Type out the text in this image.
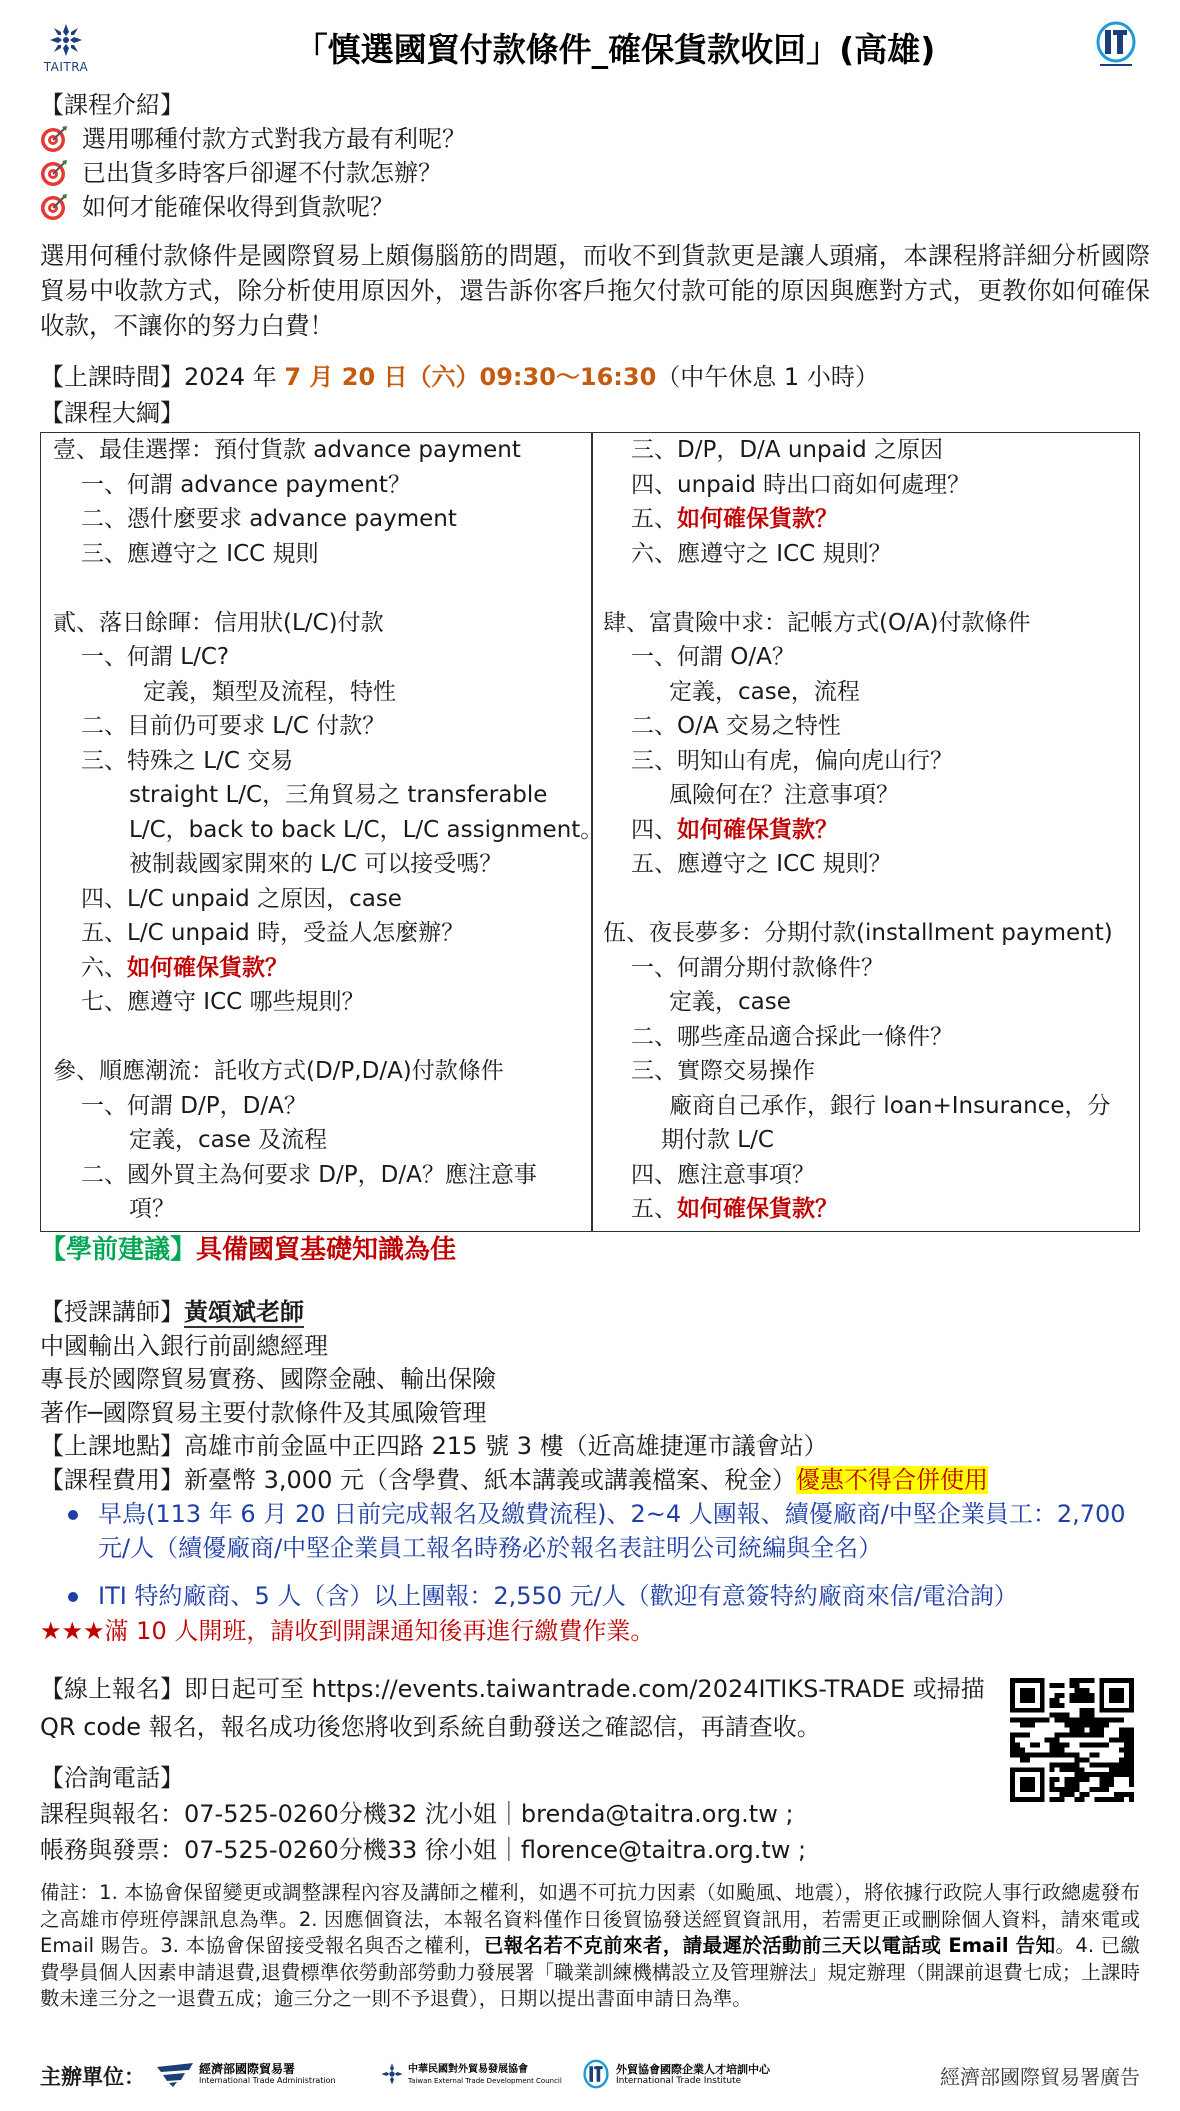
TAITRA	「慎選國貿付款條件_確保貨款收回」(高雄)
【課程介紹】
選用哪種付款方式對我方最有利呢？
已出貨多時客戶卻遲不付款怎辦？
如何才能確保收得到貨款呢？
選用何種付款條件是國際貿易上頗傷腦筋的問題，而收不到貨款更是讓人頭痛，本課程將詳細分析國際貿易中收款方式，除分析使用原因外，還告訴你客戶拖欠付款可能的原因與應對方式，更教你如何確保收款，不讓你的努力白費！
【上課時間】2024 年 7 月 20 日（六）09:30～16:30（中午休息 1 小時）
【課程大綱】
壹、最佳選擇：預付貨款 advance payment
一、何謂 advance payment？
二、憑什麼要求 advance payment
三、應遵守之 ICC 規則
貳、落日餘暉：信用狀(L/C)付款
一、何謂 L/C?
定義，類型及流程，特性
二、目前仍可要求 L/C 付款？
三、特殊之 L/C 交易
straight L/C，三角貿易之 transferable
L/C，back to back L/C，L/C assignment。
被制裁國家開來的 L/C 可以接受嗎？
四、L/C unpaid 之原因，case
五、L/C unpaid 時，受益人怎麼辦？
六、如何確保貨款？
七、應遵守 ICC 哪些規則？
參、順應潮流：託收方式(D/P,D/A)付款條件
一、何謂 D/P，D/A？
定義，case 及流程
二、國外買主為何要求 D/P，D/A？應注意事
項？
三、D/P，D/A unpaid 之原因
四、unpaid 時出口商如何處理？
五、如何確保貨款？
六、應遵守之 ICC 規則？
肆、富貴險中求：記帳方式(O/A)付款條件
一、何謂 O/A？
定義，case，流程
二、O/A 交易之特性
三、明知山有虎，偏向虎山行？
風險何在？注意事項？
四、如何確保貨款？
五、應遵守之 ICC 規則？
伍、夜長夢多：分期付款(installment payment)
一、何謂分期付款條件？
定義，case
二、哪些產品適合採此一條件？
三、實際交易操作
廠商自己承作，銀行 loan+Insurance，分
期付款 L/C
四、應注意事項？
五、如何確保貨款？
【學前建議】具備國貿基礎知識為佳
【授課講師】黃頌斌老師
中國輸出入銀行前副總經理
專長於國際貿易實務、國際金融、輸出保險
著作─國際貿易主要付款條件及其風險管理
【上課地點】高雄市前金區中正四路 215 號 3 樓（近高雄捷運市議會站）
【課程費用】新臺幣 3,000 元（含學費、紙本講義或講義檔案、稅金）優惠不得合併使用
早鳥(113 年 6 月 20 日前完成報名及繳費流程)、2~4 人團報、續優廠商/中堅企業員工：2,700
元/人（續優廠商/中堅企業員工報名時務必於報名表註明公司統編與全名）
ITI 特約廠商、5 人（含）以上團報：2,550 元/人（歡迎有意簽特約廠商來信/電洽詢）
★★★滿 10 人開班，請收到開課通知後再進行繳費作業。
【線上報名】即日起可至 https://events.taiwantrade.com/2024ITIKS-TRADE 或掃描
QR code 報名，報名成功後您將收到系統自動發送之確認信，再請查收。
【洽詢電話】
課程與報名：07-525-0260分機32 沈小姐｜brenda@taitra.org.tw ;
帳務與發票：07-525-0260分機33 徐小姐｜florence@taitra.org.tw ;
備註：1. 本協會保留變更或調整課程內容及講師之權利，如遇不可抗力因素（如颱風、地震），將依據行政院人事行政總處發布之高雄市停班停課訊息為準。2. 因應個資法，本報名資料僅作日後貿協發送經貿資訊用，若需更正或刪除個人資料，請來電或 Email 賜告。3. 本協會保留接受報名與否之權利，已報名若不克前來者，請最遲於活動前三天以電話或 Email 告知。4. 已繳費學員個人因素申請退費,退費標準依勞動部勞動力發展署「職業訓練機構設立及管理辦法」規定辦理（開課前退費七成；上課時數未達三分之一退費五成；逾三分之一則不予退費），日期以提出書面申請日為準。
主辦單位：	經濟部國際貿易署
International Trade Administration
中華民國對外貿易發展協會
Taiwan External Trade Development Council
外貿協會國際企業人才培訓中心
International Trade Institute	經濟部國際貿易署廣告
